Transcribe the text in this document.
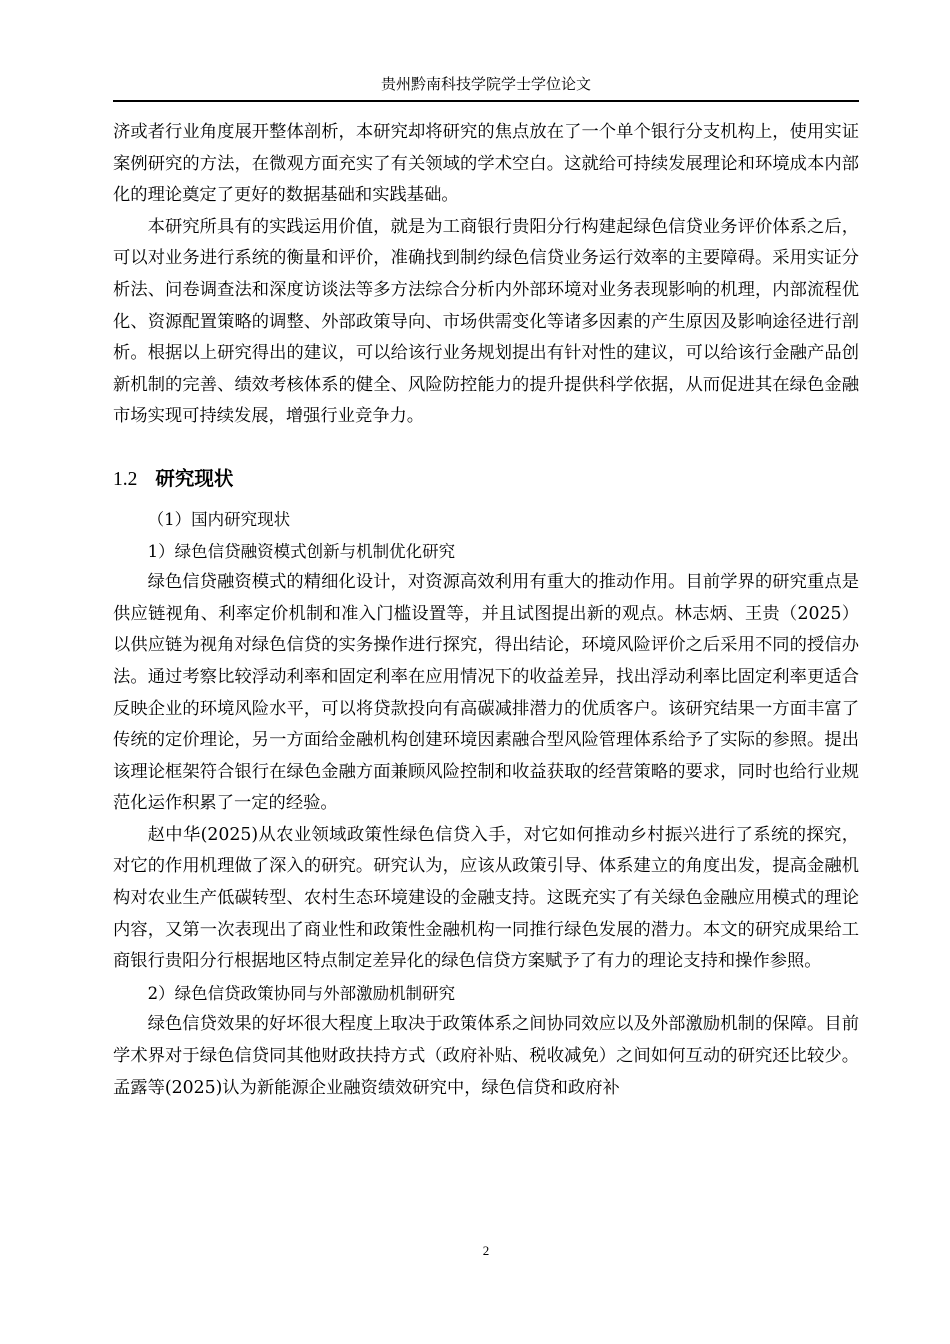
贵州黔南科技学院学士学位论文

济或者行业角度展开整体剖析，本研究却将研究的焦点放在了一个单个银行分支机构上，使用实证案例研究的方法，在微观方面充实了有关领域的学术空白。这就给可持续发展理论和环境成本内部化的理论奠定了更好的数据基础和实践基础。

本研究所具有的实践运用价值，就是为工商银行贵阳分行构建起绿色信贷业务评价体系之后，可以对业务进行系统的衡量和评价，准确找到制约绿色信贷业务运行效率的主要障碍。采用实证分析法、问卷调查法和深度访谈法等多方法综合分析内外部环境对业务表现影响的机理，内部流程优化、资源配置策略的调整、外部政策导向、市场供需变化等诸多因素的产生原因及影响途径进行剖析。根据以上研究得出的建议，可以给该行业务规划提出有针对性的建议，可以给该行金融产品创新机制的完善、绩效考核体系的健全、风险防控能力的提升提供科学依据，从而促进其在绿色金融市场实现可持续发展，增强行业竞争力。

1.2 研究现状

（1）国内研究现状

1）绿色信贷融资模式创新与机制优化研究

绿色信贷融资模式的精细化设计，对资源高效利用有重大的推动作用。目前学界的研究重点是供应链视角、利率定价机制和准入门槛设置等，并且试图提出新的观点。林志炳、王贵（2025）以供应链为视角对绿色信贷的实务操作进行探究，得出结论，环境风险评价之后采用不同的授信办法。通过考察比较浮动利率和固定利率在应用情况下的收益差异，找出浮动利率比固定利率更适合反映企业的环境风险水平，可以将贷款投向有高碳减排潜力的优质客户。该研究结果一方面丰富了传统的定价理论，另一方面给金融机构创建环境因素融合型风险管理体系给予了实际的参照。提出该理论框架符合银行在绿色金融方面兼顾风险控制和收益获取的经营策略的要求，同时也给行业规范化运作积累了一定的经验。

赵中华(2025)从农业领域政策性绿色信贷入手，对它如何推动乡村振兴进行了系统的探究，对它的作用机理做了深入的研究。研究认为，应该从政策引导、体系建立的角度出发，提高金融机构对农业生产低碳转型、农村生态环境建设的金融支持。这既充实了有关绿色金融应用模式的理论内容，又第一次表现出了商业性和政策性金融机构一同推行绿色发展的潜力。本文的研究成果给工商银行贵阳分行根据地区特点制定差异化的绿色信贷方案赋予了有力的理论支持和操作参照。

2）绿色信贷政策协同与外部激励机制研究

绿色信贷效果的好坏很大程度上取决于政策体系之间协同效应以及外部激励机制的保障。目前学术界对于绿色信贷同其他财政扶持方式（政府补贴、税收减免）之间如何互动的研究还比较少。孟露等(2025)认为新能源企业融资绩效研究中，绿色信贷和政府补

2
